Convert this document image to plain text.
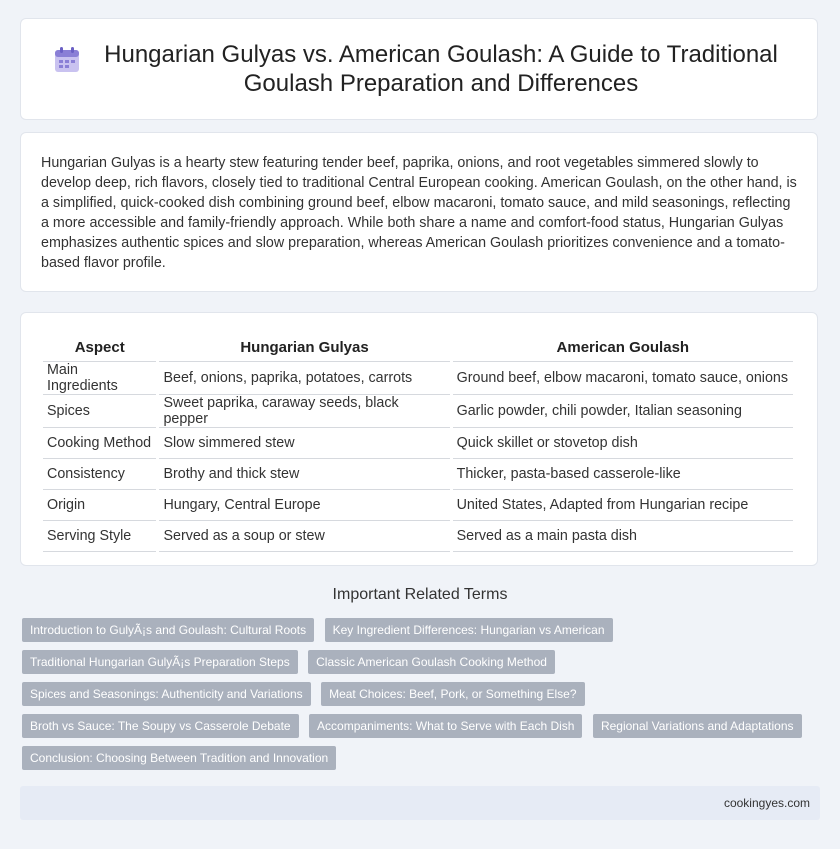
Hungarian Gulyas vs. American Goulash: A Guide to Traditional Goulash Preparation and Differences

Hungarian Gulyas is a hearty stew featuring tender beef, paprika, onions, and root vegetables simmered slowly to develop deep, rich flavors, closely tied to traditional Central European cooking. American Goulash, on the other hand, is a simplified, quick-cooked dish combining ground beef, elbow macaroni, tomato sauce, and mild seasonings, reflecting a more accessible and family-friendly approach. While both share a name and comfort-food status, Hungarian Gulyas emphasizes authentic spices and slow preparation, whereas American Goulash prioritizes convenience and a tomato-based flavor profile.

Aspect	Hungarian Gulyas	American Goulash
Main Ingredients	Beef, onions, paprika, potatoes, carrots	Ground beef, elbow macaroni, tomato sauce, onions
Spices	Sweet paprika, caraway seeds, black pepper	Garlic powder, chili powder, Italian seasoning
Cooking Method	Slow simmered stew	Quick skillet or stovetop dish
Consistency	Brothy and thick stew	Thicker, pasta-based casserole-like
Origin	Hungary, Central Europe	United States, Adapted from Hungarian recipe
Serving Style	Served as a soup or stew	Served as a main pasta dish
Important Related Terms
Introduction to GulyÃ¡s and Goulash: Cultural Roots Key Ingredient Differences: Hungarian vs American
Traditional Hungarian GulyÃ¡s Preparation Steps Classic American Goulash Cooking Method
Spices and Seasonings: Authenticity and Variations Meat Choices: Beef, Pork, or Something Else?
Broth vs Sauce: The Soupy vs Casserole Debate Accompaniments: What to Serve with Each Dish Regional Variations and Adaptations
Conclusion: Choosing Between Tradition and Innovation
cookingyes.com
